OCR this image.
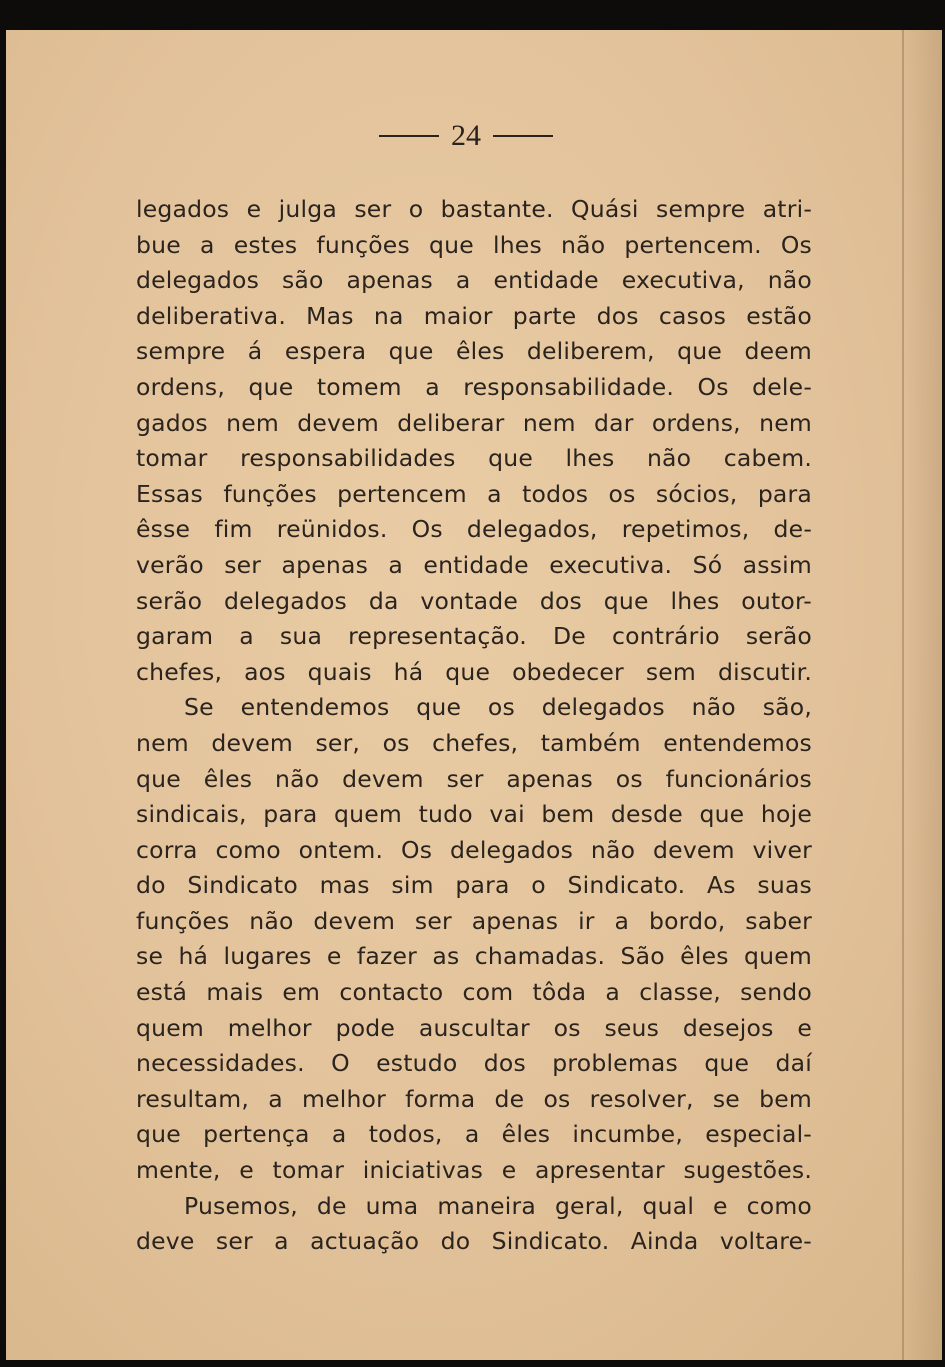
24
legados e julga ser o bastante. Quási sempre atri-
bue a estes funções que lhes não pertencem. Os
delegados são apenas a entidade executiva, não
deliberativa. Mas na maior parte dos casos estão
sempre á espera que êles deliberem, que deem
ordens, que tomem a responsabilidade. Os dele-
gados nem devem deliberar nem dar ordens, nem
tomar responsabilidades que lhes não cabem.
Essas funções pertencem a todos os sócios, para
êsse fim reünidos. Os delegados, repetimos, de-
verão ser apenas a entidade executiva. Só assim
serão delegados da vontade dos que lhes outor-
garam a sua representação. De contrário serão
chefes, aos quais há que obedecer sem discutir.
Se entendemos que os delegados não são,
nem devem ser, os chefes, também entendemos
que êles não devem ser apenas os funcionários
sindicais, para quem tudo vai bem desde que hoje
corra como ontem. Os delegados não devem viver
do Sindicato mas sim para o Sindicato. As suas
funções não devem ser apenas ir a bordo, saber
se há lugares e fazer as chamadas. São êles quem
está mais em contacto com tôda a classe, sendo
quem melhor pode auscultar os seus desejos e
necessidades. O estudo dos problemas que daí
resultam, a melhor forma de os resolver, se bem
que pertença a todos, a êles incumbe, especial-
mente, e tomar iniciativas e apresentar sugestões.
Pusemos, de uma maneira geral, qual e como
deve ser a actuação do Sindicato. Ainda voltare-
